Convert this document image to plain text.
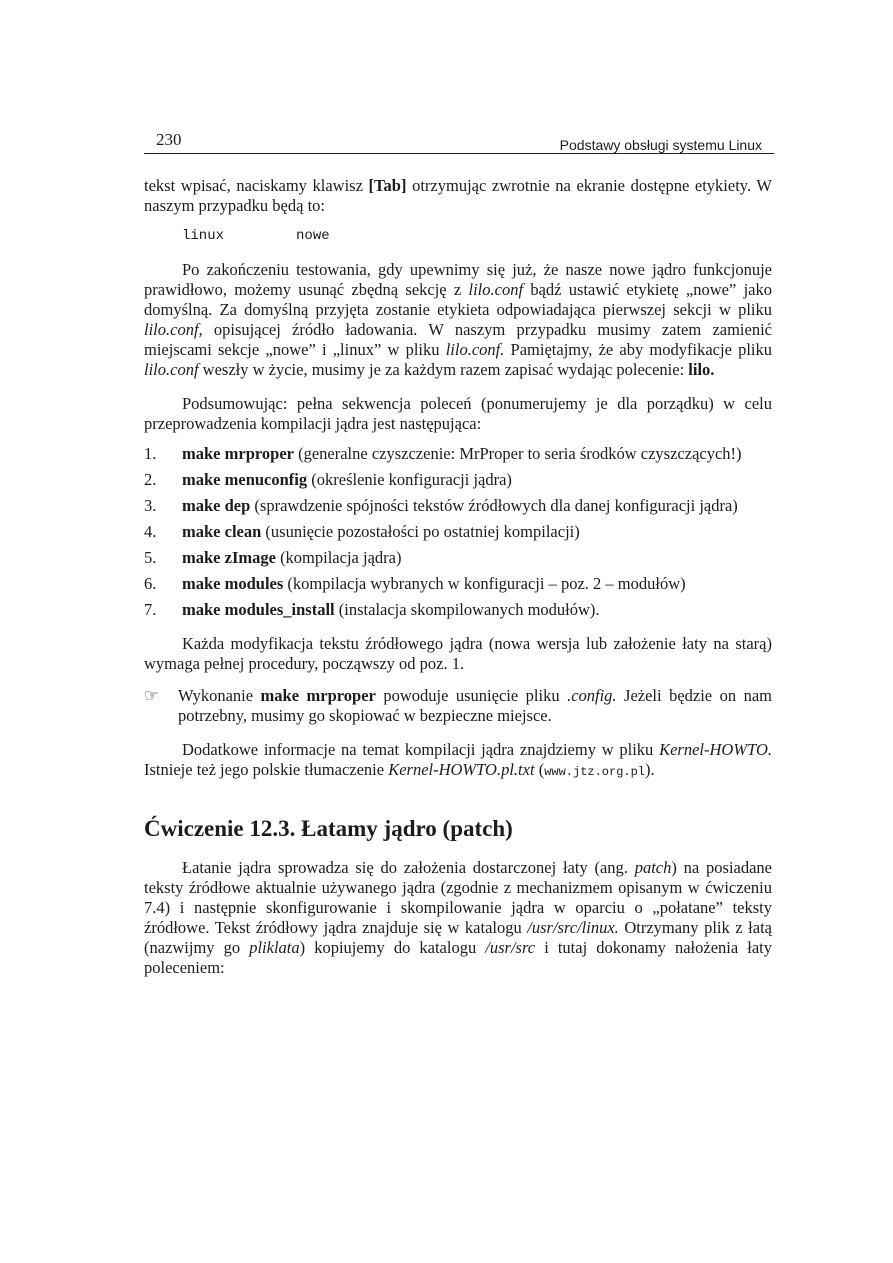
230	Podstawy obsługi systemu Linux

tekst wpisać, naciskamy klawisz [Tab] otrzymując zwrotnie na ekranie dostępne etykiety. W naszym przypadku będą to:

linux	nowe

Po zakończeniu testowania, gdy upewnimy się już, że nasze nowe jądro funkcjonuje prawidłowo, możemy usunąć zbędną sekcję z lilo.conf bądź ustawić etykietę „nowe” jako domyślną. Za domyślną przyjęta zostanie etykieta odpowiadająca pierwszej sekcji w pliku lilo.conf, opisującej źródło ładowania. W naszym przypadku musimy zatem zamienić miejscami sekcje „nowe” i „linux” w pliku lilo.conf. Pamiętajmy, że aby modyfikacje pliku lilo.conf weszły w życie, musimy je za każdym razem zapisać wydając polecenie: lilo.

Podsumowując: pełna sekwencja poleceń (ponumerujemy je dla porządku) w celu przeprowadzenia kompilacji jądra jest następująca:

1. make mrproper (generalne czyszczenie: MrProper to seria środków czyszczących!)
2. make menuconfig (określenie konfiguracji jądra)
3. make dep (sprawdzenie spójności tekstów źródłowych dla danej konfiguracji jądra)
4. make clean (usunięcie pozostałości po ostatniej kompilacji)
5. make zImage (kompilacja jądra)
6. make modules (kompilacja wybranych w konfiguracji – poz. 2 – modułów)
7. make modules_install (instalacja skompilowanych modułów).

Każda modyfikacja tekstu źródłowego jądra (nowa wersja lub założenie łaty na starą) wymaga pełnej procedury, począwszy od poz. 1.

☞ Wykonanie make mrproper powoduje usunięcie pliku .config. Jeżeli będzie on nam potrzebny, musimy go skopiować w bezpieczne miejsce.

Dodatkowe informacje na temat kompilacji jądra znajdziemy w pliku Kernel-HOWTO. Istnieje też jego polskie tłumaczenie Kernel-HOWTO.pl.txt (www.jtz.org.pl).

Ćwiczenie 12.3. Łatamy jądro (patch)

Łatanie jądra sprowadza się do założenia dostarczonej łaty (ang. patch) na posiadane teksty źródłowe aktualnie używanego jądra (zgodnie z mechanizmem opisanym w ćwiczeniu 7.4) i następnie skonfigurowanie i skompilowanie jądra w oparciu o „połatane” teksty źródłowe. Tekst źródłowy jądra znajduje się w katalogu /usr/src/linux. Otrzymany plik z łatą (nazwijmy go pliklata) kopiujemy do katalogu /usr/src i tutaj dokonamy nałożenia łaty poleceniem:
